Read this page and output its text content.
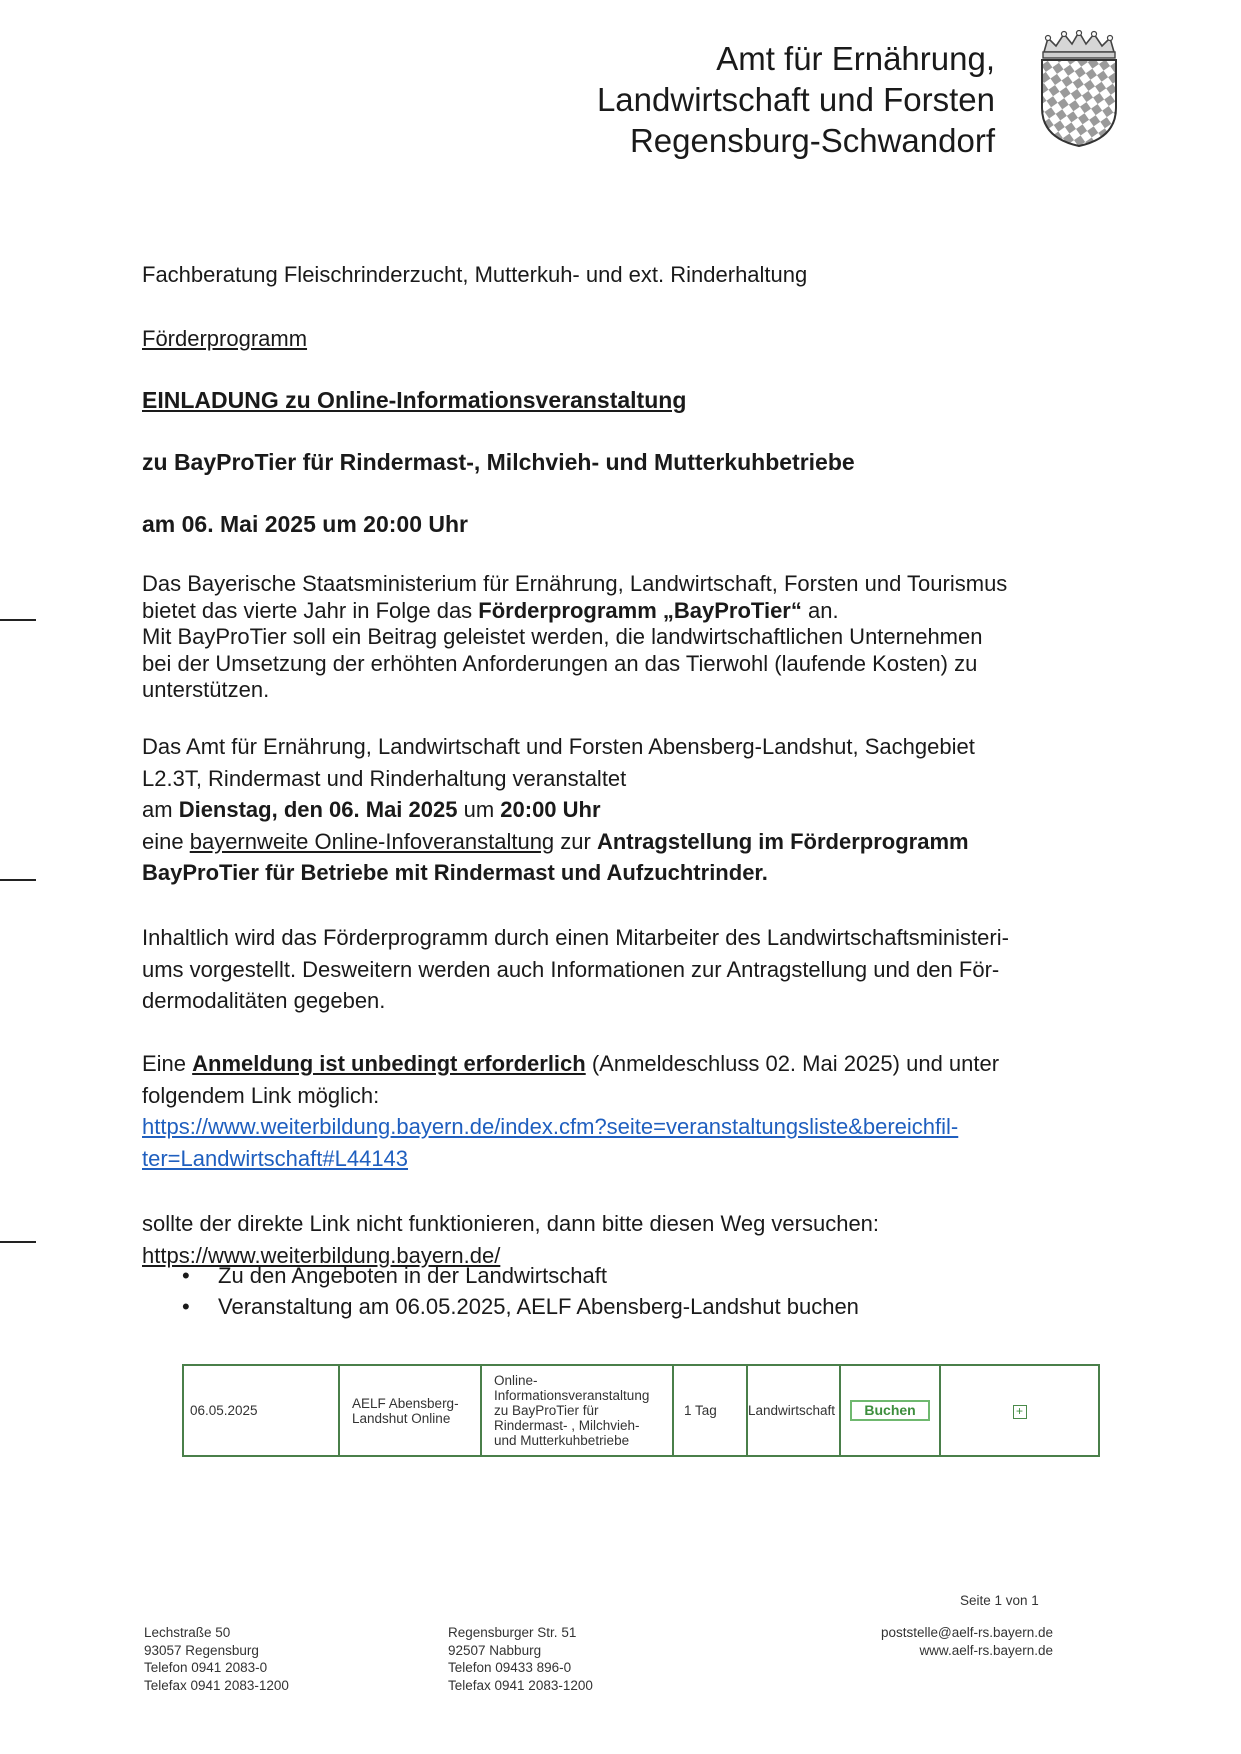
Amt für Ernährung,
Landwirtschaft und Forsten
Regensburg-Schwandorf
Fachberatung Fleischrinderzucht, Mutterkuh- und ext. Rinderhaltung
Förderprogramm
EINLADUNG zu Online-Informationsveranstaltung
zu BayProTier für Rindermast-, Milchvieh- und Mutterkuhbetriebe
am 06. Mai 2025 um 20:00 Uhr
Das Bayerische Staatsministerium für Ernährung, Landwirtschaft, Forsten und Tourismus
bietet das vierte Jahr in Folge das Förderprogramm „BayProTier“ an.
Mit BayProTier soll ein Beitrag geleistet werden, die landwirtschaftlichen Unternehmen
bei der Umsetzung der erhöhten Anforderungen an das Tierwohl (laufende Kosten) zu
unterstützen.
Das Amt für Ernährung, Landwirtschaft und Forsten Abensberg-Landshut, Sachgebiet
L2.3T, Rindermast und Rinderhaltung veranstaltet
am Dienstag, den 06. Mai 2025 um 20:00 Uhr
eine bayernweite Online-Infoveranstaltung zur Antragstellung im Förderprogramm
BayProTier für Betriebe mit Rindermast und Aufzuchtrinder.
Inhaltlich wird das Förderprogramm durch einen Mitarbeiter des Landwirtschaftsministeri-
ums vorgestellt. Desweitern werden auch Informationen zur Antragstellung und den För-
dermodalitäten gegeben.
Eine Anmeldung ist unbedingt erforderlich (Anmeldeschluss 02. Mai 2025) und unter
folgendem Link möglich:
https://www.weiterbildung.bayern.de/index.cfm?seite=veranstaltungsliste&bereichfil-
ter=Landwirtschaft#L44143
sollte der direkte Link nicht funktionieren, dann bitte diesen Weg versuchen:
https://www.weiterbildung.bayern.de/
• Zu den Angeboten in der Landwirtschaft
• Veranstaltung am 06.05.2025, AELF Abensberg-Landshut buchen
06.05.2025	AELF Abensberg-Landshut Online	Online-Informationsveranstaltung zu BayProTier für Rindermast- , Milchvieh- und Mutterkuhbetriebe	1 Tag	Landwirtschaft	Buchen	+
Seite 1 von 1
Lechstraße 50
93057 Regensburg
Telefon 0941 2083-0
Telefax 0941 2083-1200
Regensburger Str. 51
92507 Nabburg
Telefon 09433 896-0
Telefax 0941 2083-1200
poststelle@aelf-rs.bayern.de
www.aelf-rs.bayern.de
